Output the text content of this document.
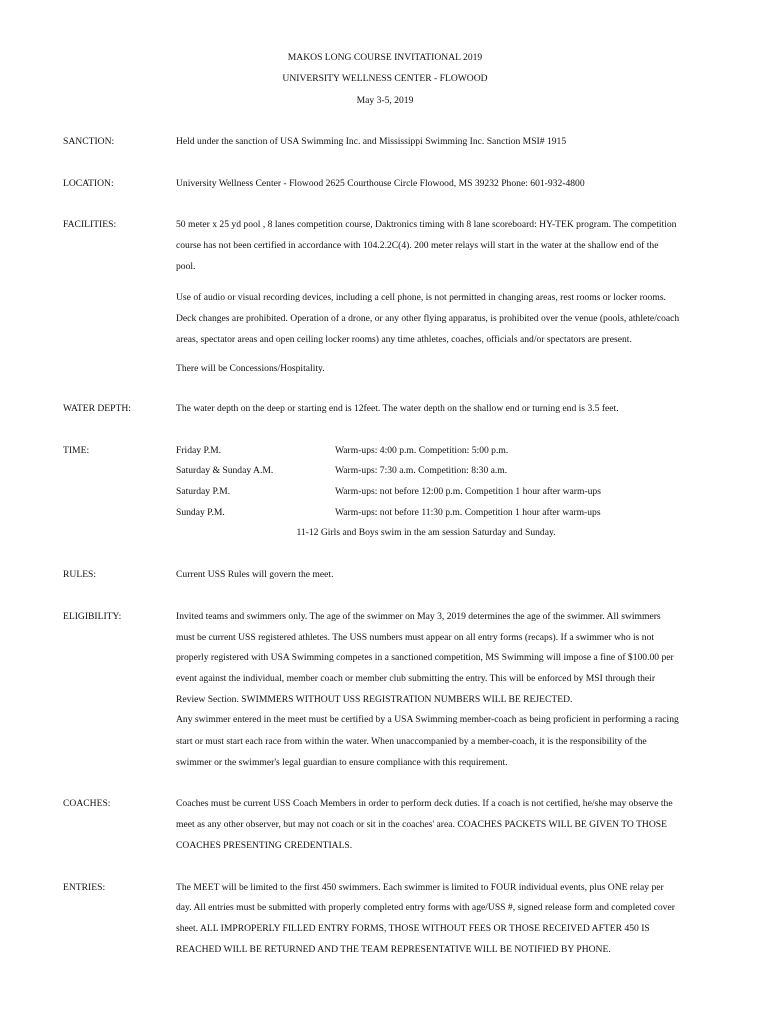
MAKOS LONG COURSE INVITATIONAL 2019
UNIVERSITY WELLNESS CENTER - FLOWOOD
May 3-5, 2019
SANCTION:	Held under the sanction of USA Swimming Inc. and Mississippi Swimming Inc. Sanction MSI# 1915
LOCATION:	University Wellness Center - Flowood 2625 Courthouse Circle Flowood, MS 39232 Phone: 601-932-4800
FACILITIES:	50 meter x 25 yd pool , 8 lanes competition course, Daktronics timing with 8 lane scoreboard: HY-TEK program. The competition
course has not been certified in accordance with 104.2.2C(4). 200 meter relays will start in the water at the shallow end of the
pool.
Use of audio or visual recording devices, including a cell phone, is not permitted in changing areas, rest rooms or locker rooms.
Deck changes are prohibited. Operation of a drone, or any other flying apparatus, is prohibited over the venue (pools, athlete/coach
areas, spectator areas and open ceiling locker rooms) any time athletes, coaches, officials and/or spectators are present.
There will be Concessions/Hospitality.
WATER DEPTH:	The water depth on the deep or starting end is 12feet. The water depth on the shallow end or turning end is 3.5 feet.
TIME:	Friday P.M.	Warm-ups: 4:00 p.m. Competition: 5:00 p.m.
Saturday & Sunday A.M.	Warm-ups: 7:30 a.m. Competition: 8:30 a.m.
Saturday P.M.	Warm-ups: not before 12:00 p.m. Competition 1 hour after warm-ups
Sunday P.M.	Warm-ups: not before 11:30 p.m. Competition 1 hour after warm-ups
11-12 Girls and Boys swim in the am session Saturday and Sunday.
RULES:	Current USS Rules will govern the meet.
ELIGIBILITY:	Invited teams and swimmers only. The age of the swimmer on May 3, 2019 determines the age of the swimmer. All swimmers
must be current USS registered athletes. The USS numbers must appear on all entry forms (recaps). If a swimmer who is not
properly registered with USA Swimming competes in a sanctioned competition, MS Swimming will impose a fine of $100.00 per
event against the individual, member coach or member club submitting the entry. This will be enforced by MSI through their
Review Section. SWIMMERS WITHOUT USS REGISTRATION NUMBERS WILL BE REJECTED.
Any swimmer entered in the meet must be certified by a USA Swimming member-coach as being proficient in performing a racing
start or must start each race from within the water. When unaccompanied by a member-coach, it is the responsibility of the
swimmer or the swimmer's legal guardian to ensure compliance with this requirement.
COACHES:	Coaches must be current USS Coach Members in order to perform deck duties. If a coach is not certified, he/she may observe the
meet as any other observer, but may not coach or sit in the coaches' area. COACHES PACKETS WILL BE GIVEN TO THOSE
COACHES PRESENTING CREDENTIALS.
ENTRIES:	The MEET will be limited to the first 450 swimmers. Each swimmer is limited to FOUR individual events, plus ONE relay per
day. All entries must be submitted with properly completed entry forms with age/USS #, signed release form and completed cover
sheet. ALL IMPROPERLY FILLED ENTRY FORMS, THOSE WITHOUT FEES OR THOSE RECEIVED AFTER 450 IS
REACHED WILL BE RETURNED AND THE TEAM REPRESENTATIVE WILL BE NOTIFIED BY PHONE.
